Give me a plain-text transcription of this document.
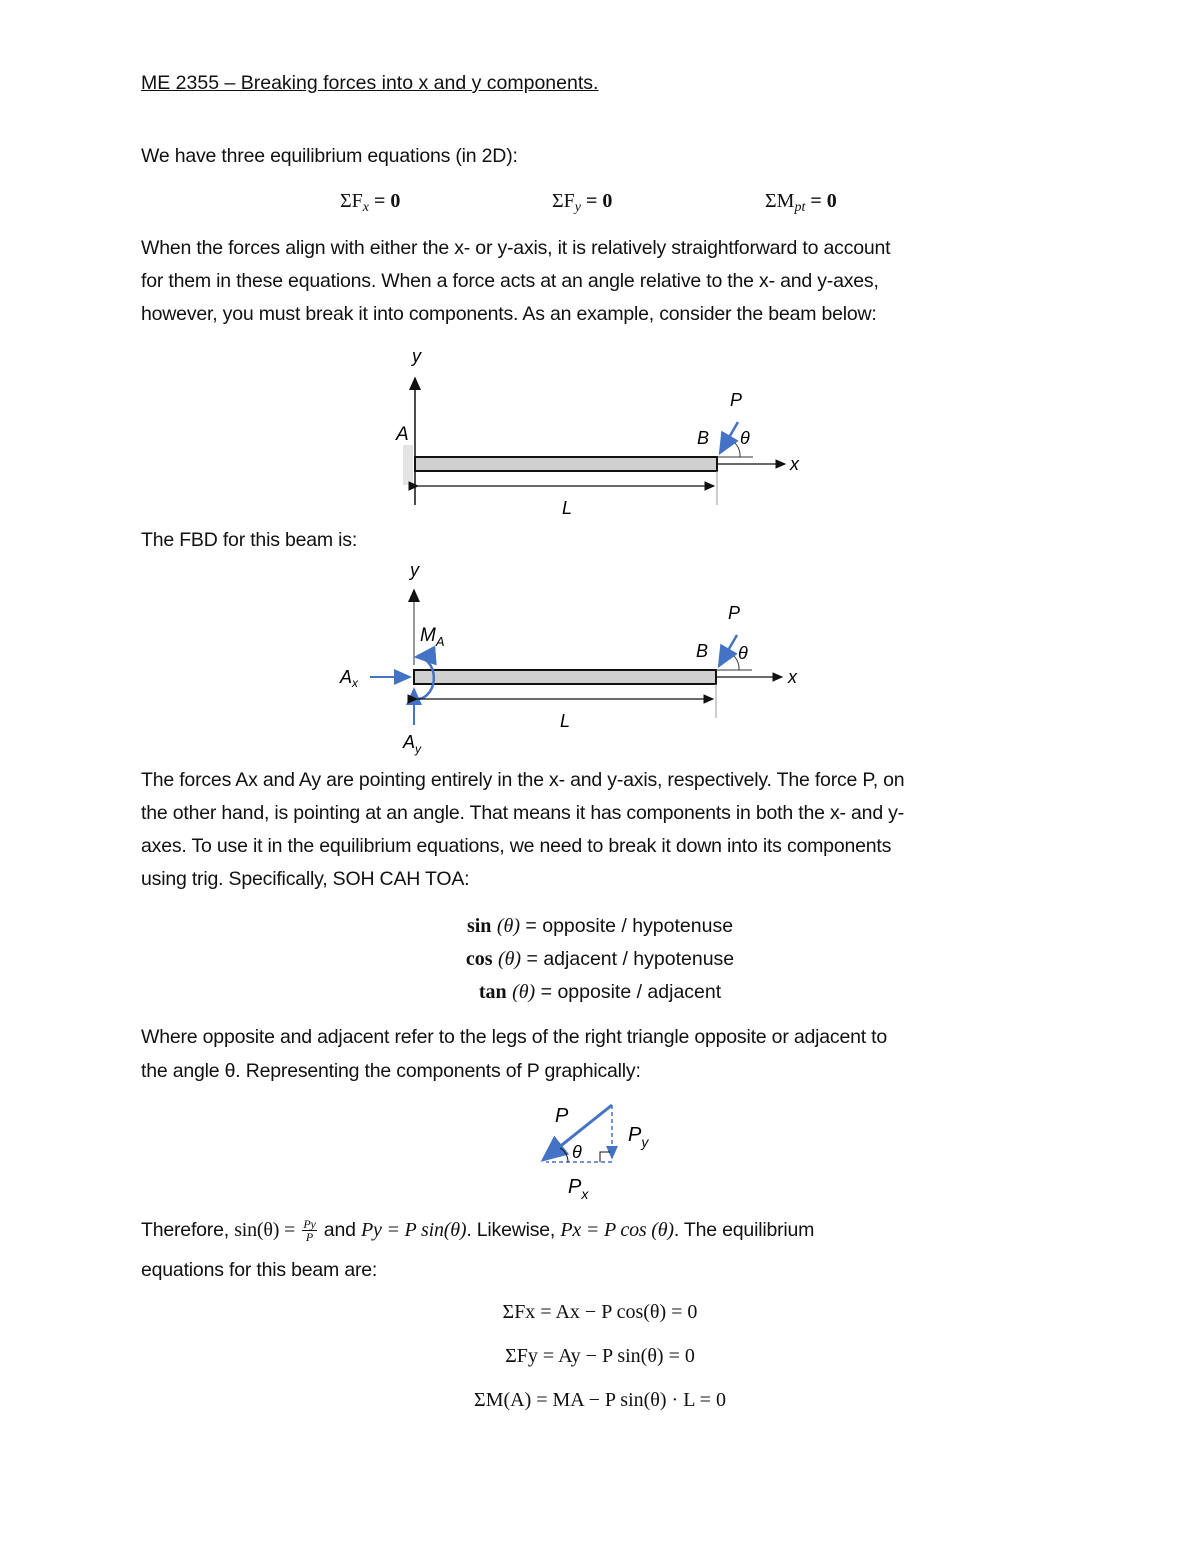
ME 2355 – Breaking forces into x and y components.
We have three equilibrium equations (in 2D):
$\Sigma F_x = 0$	$\Sigma F_y = 0$	$\Sigma M_{pt} = 0$
When the forces align with either the x- or y-axis, it is relatively straightforward to account
for them in these equations. When a force acts at an angle relative to the x- and y-axes,
however, you must break it into components. As an example, consider the beam below:
y
A
x
P
B θ
L
The FBD for this beam is:
y
$M_A$
$A_x$
$A_y$
x
P
B θ
L
The forces Ax and Ay are pointing entirely in the x- and y-axis, respectively. The force P, on
the other hand, is pointing at an angle. That means it has components in both the x- and y-
axes. To use it in the equilibrium equations, we need to break it down into its components
using trig. Specifically, SOH CAH TOA:
sin (θ) = opposite / hypotenuse
cos (θ) = adjacent / hypotenuse
tan (θ) = opposite / adjacent
Where opposite and adjacent refer to the legs of the right triangle opposite or adjacent to
the angle θ. Representing the components of P graphically:
P
θ
$P_y$
$P_x$
Therefore, $\sin(\theta) = \frac{Py}{P}$ and Py = P sin(θ). Likewise, Px = P cos (θ). The equilibrium
equations for this beam are:
ΣFx = Ax − P cos(θ) = 0
ΣFy = Ay − P sin(θ) = 0
ΣM(A) = MA − P sin(θ) · L = 0
